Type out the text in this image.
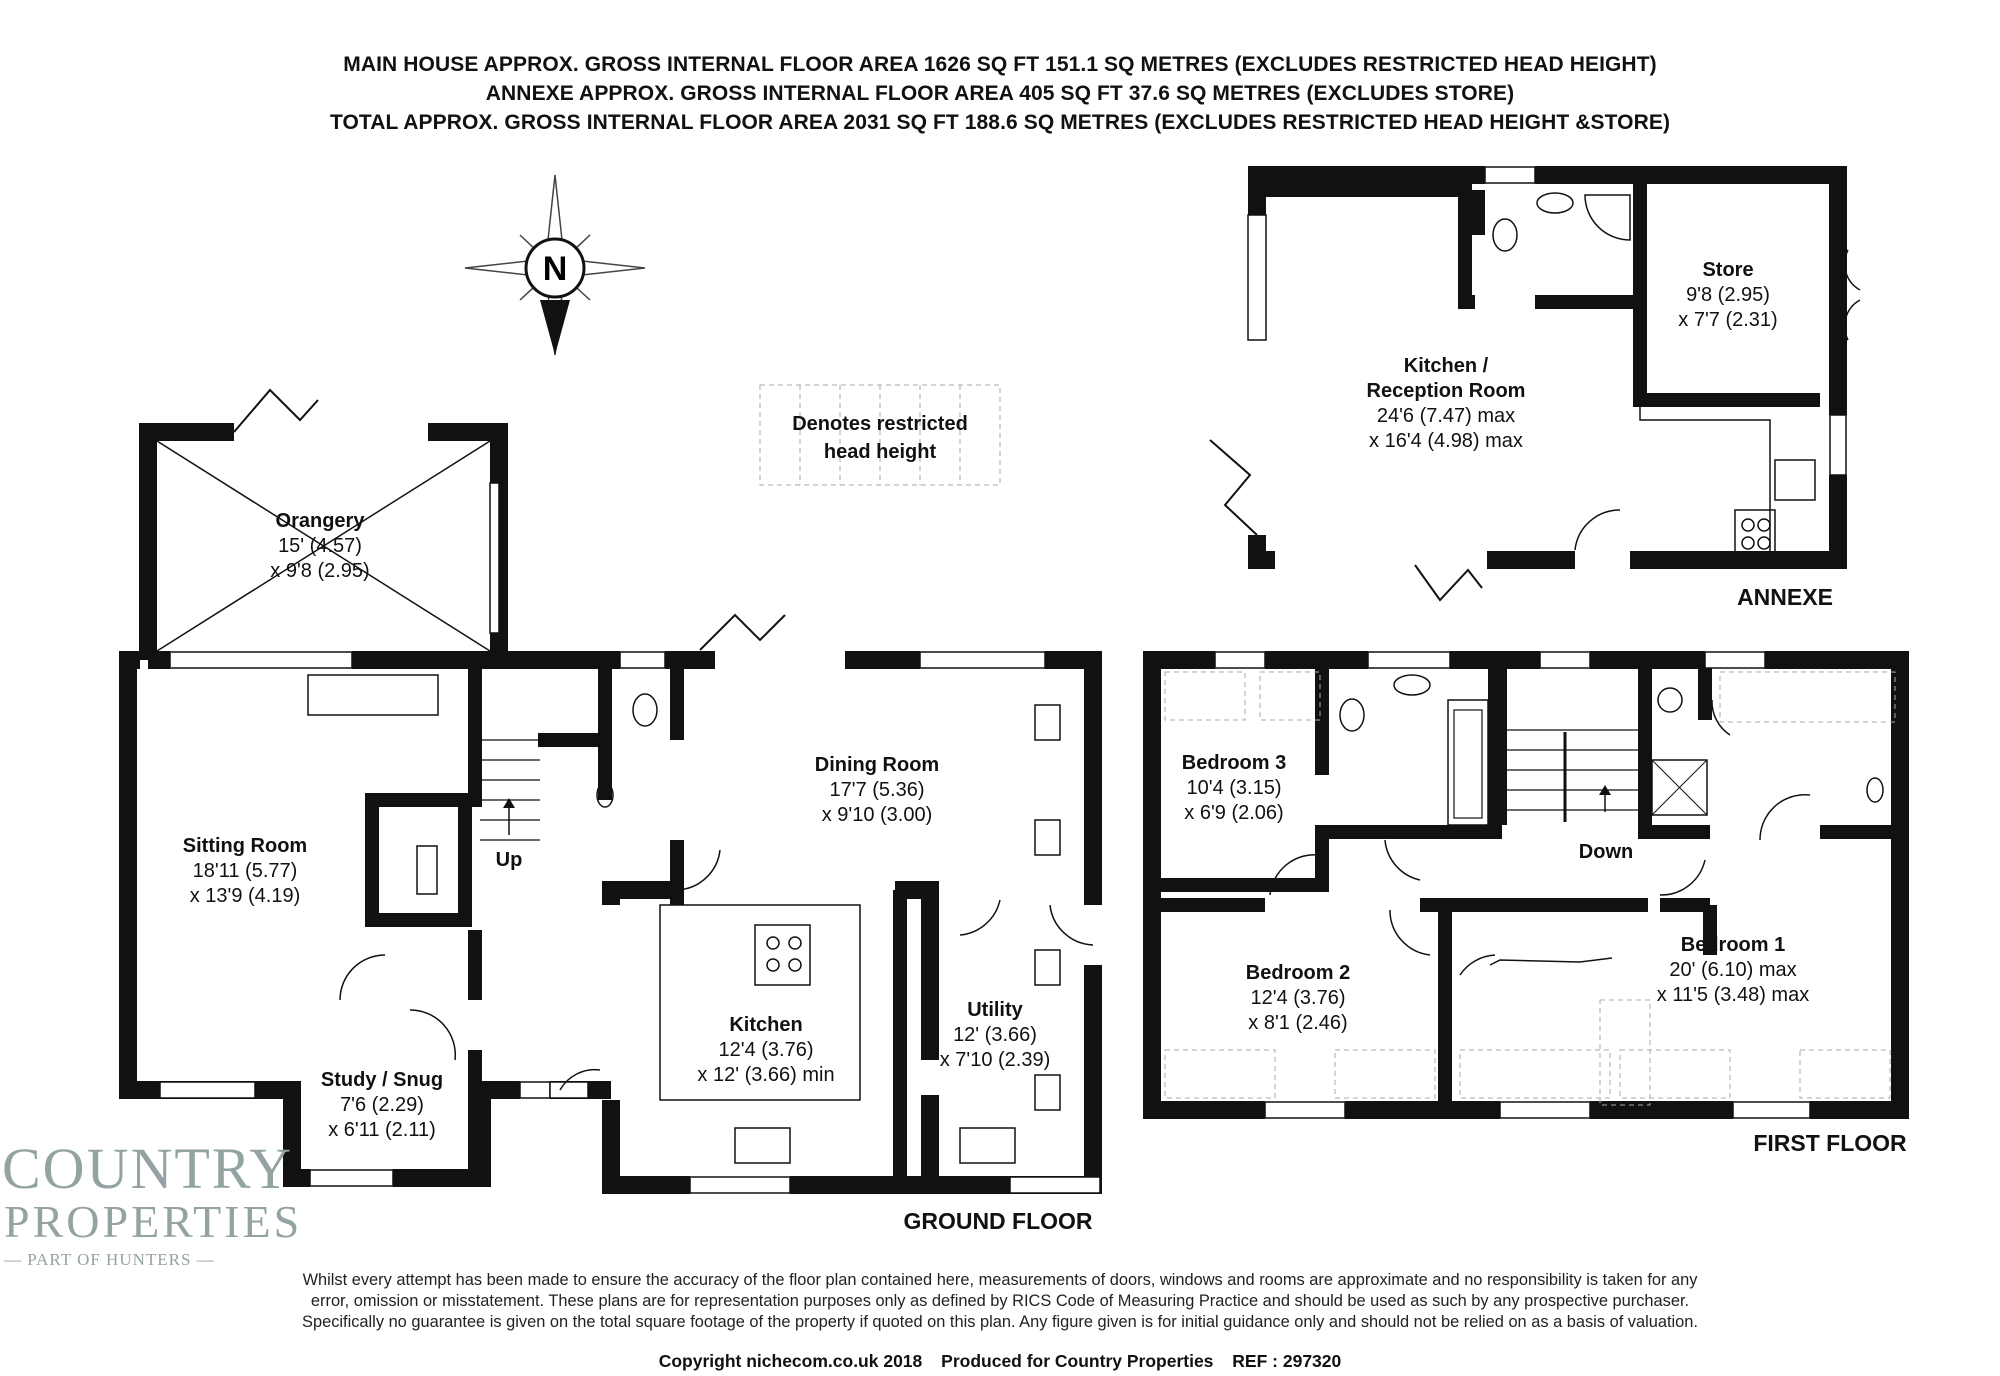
MAIN HOUSE APPROX. GROSS INTERNAL FLOOR AREA 1626 SQ FT 151.1 SQ METRES (EXCLUDES RESTRICTED HEAD HEIGHT)
ANNEXE APPROX. GROSS INTERNAL FLOOR AREA 405 SQ FT 37.6 SQ METRES (EXCLUDES STORE)
TOTAL APPROX. GROSS INTERNAL FLOOR AREA 2031 SQ FT 188.6 SQ METRES (EXCLUDES RESTRICTED HEAD HEIGHT &STORE)
N
Denotes restricted
head height
Orangery
15' (4.57)
x 9'8 (2.95)
Sitting Room
18'11 (5.77)
x 13'9 (4.19)
Study / Snug
7'6 (2.29)
x 6'11 (2.11)
Up
Dining Room
17'7 (5.36)
x 9'10 (3.00)
Kitchen
12'4 (3.76)
x 12' (3.66) min
Utility
12' (3.66)
x 7'10 (2.39)
GROUND FLOOR
Bedroom 3
10'4 (3.15)
x 6'9 (2.06)
Bedroom 2
12'4 (3.76)
x 8'1 (2.46)
Bedroom 1
20' (6.10) max
x 11'5 (3.48) max
Down
FIRST FLOOR
Store
9'8 (2.95)
x 7'7 (2.31)
Kitchen /
Reception Room
24'6 (7.47) max
x 16'4 (4.98) max
ANNEXE
COUNTRY
PROPERTIES
— PART OF HUNTERS —
Whilst every attempt has been made to ensure the accuracy of the floor plan contained here, measurements of doors, windows and rooms are approximate and no responsibility is taken for any
error, omission or misstatement. These plans are for representation purposes only as defined by RICS Code of Measuring Practice and should be used as such by any prospective purchaser.
Specifically no guarantee is given on the total square footage of the property if quoted on this plan. Any figure given is for initial guidance only and should not be relied on as a basis of valuation.
Copyright nichecom.co.uk 2018 Produced for Country Properties REF : 297320
